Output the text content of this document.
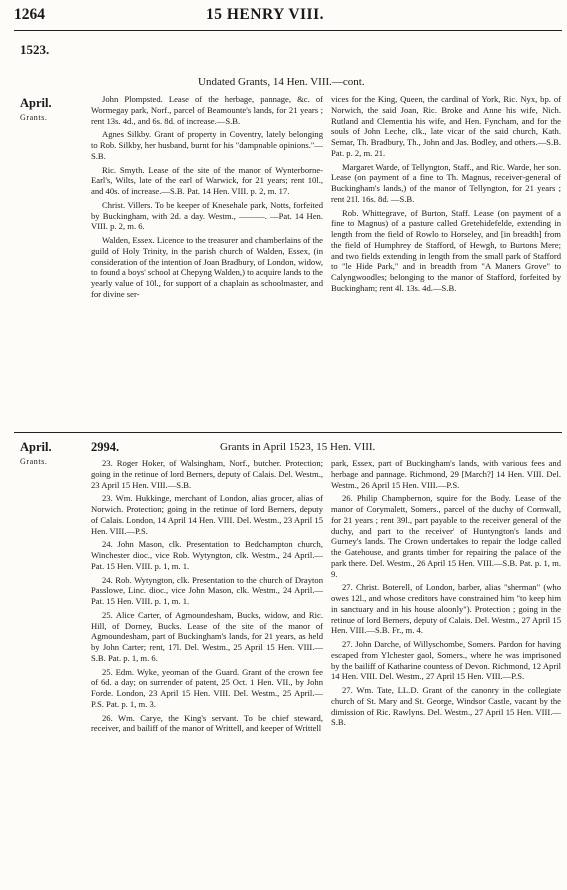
1264	15 HENRY VIII.
1523.
Undated Grants, 14 Hen. VIII.—cont.
April.
Grants.

John Plompsted. Lease of the herbage, pannage, &c. of Wormegay park, Norf., parcel of Beamounte's lands, for 21 years ; rent 13s. 4d., and 6s. 8d. of increase.—S.B.

Agnes Silkby. Grant of property in Coventry, lately belonging to Rob. Silkby, her husband, burnt for his "dampnable opinions."—S.B.

Ric. Smyth. Lease of the site of the manor of Wynterborne-Earl's, Wilts, late of the earl of Warwick, for 21 years; rent 10l., and 40s. of increase.—S.B. Pat. 14 Hen. VIII. p. 2, m. 17.

Christ. Villers. To be keeper of Knesehale park, Notts, forfeited by Buckingham, with 2d. a day. Westm., ———. —Pat. 14 Hen. VIII. p. 2, m. 6.

Walden, Essex. Licence to the treasurer and chamberlains of the guild of Holy Trinity, in the parish church of Walden, Essex, (in consideration of the intention of Joan Bradbury, of London, widow, to found a boys' school at Chepyng Walden,) to acquire lands to the yearly value of 10l., for support of a chaplain as schoolmaster, and for divine ser-

vices for the King, Queen, the cardinal of York, Ric. Nyx, bp. of Norwich, the said Joan, Ric. Broke and Anne his wife, Nich. Rutland and Clementia his wife, and Hen. Fyncham, and for the souls of John Leche, clk., late vicar of the said church, Kath. Semar, Th. Bradbury, Th., John and Jas. Bodley, and others.—S.B. Pat. p. 2, m. 21.

Margaret Warde, of Tellyngton, Staff., and Ric. Warde, her son. Lease (on payment of a fine to Th. Magnus, receiver-general of Buckingham's lands,) of the manor of Tellyngton, for 21 years ; rent 21l. 16s. 8d. —S.B.

Rob. Whittegrave, of Burton, Staff. Lease (on payment of a fine to Magnus) of a pasture called Gretehidefelde, extending in length from the field of Rowlo to Horseley, and [in breadth] from the field of Humphrey de Stafford, of Hewgh, to Burtons Mere; and two fields extending in length from the small park of Stafford to "le Hide Park," and in breadth from "A Maners Grove" to Calyngwoodles; belonging to the manor of Stafford, forfeited by Buckingham; rent 4l. 13s. 4d.—S.B.

2994.	Grants in April 1523, 15 Hen. VIII.
April.
Grants.	23. Roger Hoker, of Walsingham, Norf., butcher. Protection; going in the retinue of lord Berners, deputy of Calais. Del. Westm., 23 April 15 Hen. VIII.—S.B.

23. Wm. Hukkinge, merchant of London, alias grocer, alias of Norwich. Protection; going in the retinue of lord Berners, deputy of Calais. London, 14 April 14 Hen. VIII. Del. Westm., 23 April 15 Hen. VIII.—P.S.

24. John Mason, clk. Presentation to Bedchampton church, Winchester dioc., vice Rob. Wytyngton, clk. Westm., 24 April.—Pat. 15 Hen. VIII. p. 1, m. 1.

24. Rob. Wytyngton, clk. Presentation to the church of Drayton Passlowe, Linc. dioc., vice John Mason, clk. Westm., 24 April.—Pat. 15 Hen. VIII. p. 1, m. 1.

25. Alice Carter, of Agmoundesham, Bucks, widow, and Ric. Hill, of Dorney, Bucks. Lease of the site of the manor of Agmoundesham, part of Buckingham's lands, for 21 years, as held by John Carter; rent, 17l. Del. Westm., 25 April 15 Hen. VIII.—S.B. Pat. p. 1, m. 6.

25. Edm. Wyke, yeoman of the Guard. Grant of the crown fee of 6d. a day; on surrender of patent, 25 Oct. 1 Hen. VII., by John Forde. London, 23 April 15 Hen. VIII. Del. Westm., 25 April.—P.S. Pat. p. 1, m. 3.

26. Wm. Carye, the King's servant. To be chief steward, receiver, and bailiff of the manor of Writtell, and keeper of Writtell

park, Essex, part of Buckingham's lands, with various fees and herbage and pannage. Richmond, 29 [March?] 14 Hen. VIII. Del. Westm., 26 April 15 Hen. VIII.—P.S.

26. Philip Champbernon, squire for the Body. Lease of the manor of Corymalett, Somers., parcel of the duchy of Cornwall, for 21 years ; rent 39l., part payable to the receiver general of the duchy, and part to the receiver' of Huntyngton's lands and Gurney's lands. The Crown undertakes to repair the lodge called the Gatehouse, and grants timber for repairing the palace of the park there. Del. Westm., 26 April 15 Hen. VIII.—S.B. Pat. p. 1, m. 9.

27. Christ. Boterell, of London, barber, alias "sherman" (who owes 12l., and whose creditors have constrained him "to keep him in sanctuary and in his house aloonly"). Protection ; going in the retinue of lord Berners, deputy of Calais. Del. Westm., 27 April 15 Hen. VIII.—S.B. Fr., m. 4.

27. John Darche, of Willyschombe, Somers. Pardon for having escaped from Ylchester gaol, Somers., where he was imprisoned by the bailiff of Katharine countess of Devon. Richmond, 12 April 14 Hen. VIII. Del. Westm., 27 April 15 Hen. VIII.—P.S.

27. Wm. Tate, LL.D. Grant of the canonry in the collegiate church of St. Mary and St. George, Windsor Castle, vacant by the dimission of Ric. Rawlyns. Del. Westm., 27 April 15 Hen. VIII.—S.B.
